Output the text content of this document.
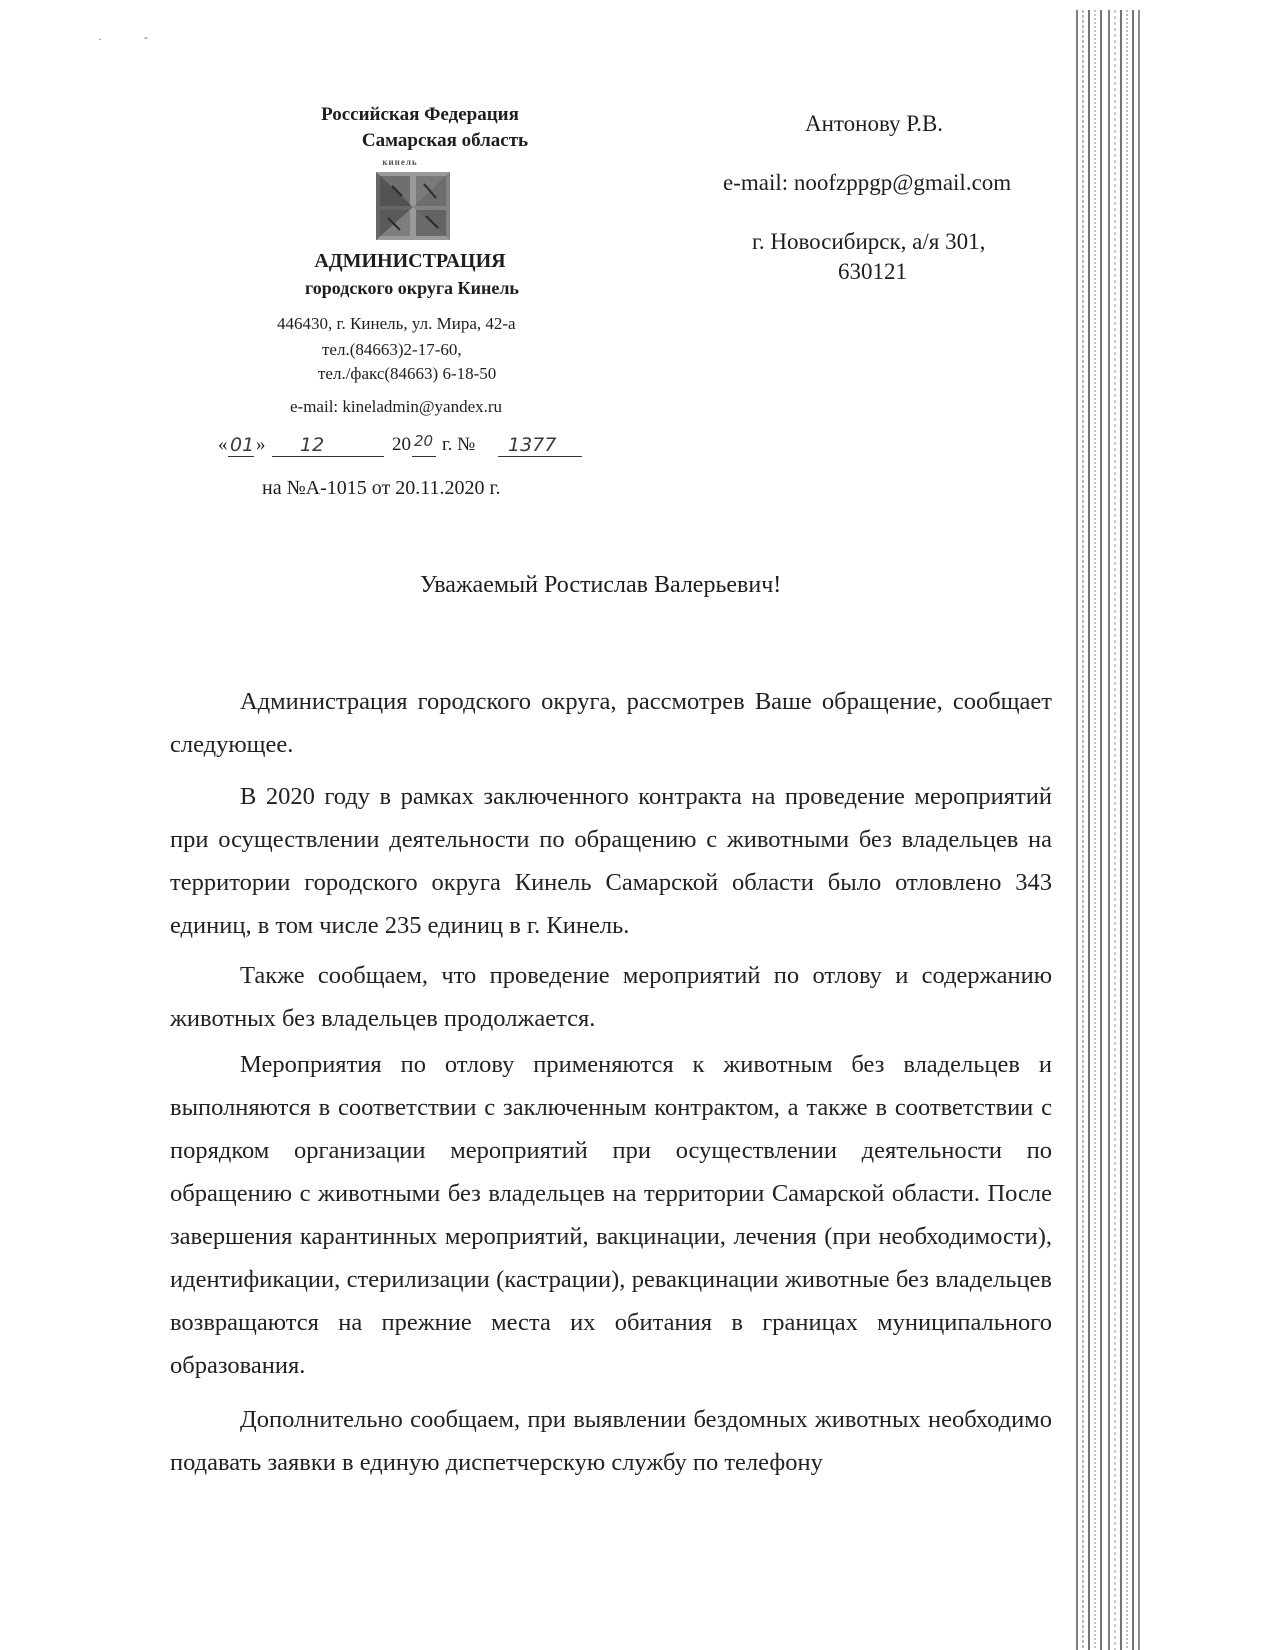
·	-
Российская Федерация
Самарская область
кинель
АДМИНИСТРАЦИЯ
городского округа Кинель
446430, г. Кинель, ул. Мира, 42-а
тел.(84663)2-17-60,
тел./факс(84663) 6-18-50
e-mail: kineladmin@yandex.ru
« 01 » 12	20 20 г. № 1377
на №А-1015 от 20.11.2020 г.
Антонову Р.В.
e-mail: noofzppgp@gmail.com
г. Новосибирск, а/я 301,
630121
Уважаемый Ростислав Валерьевич!

Администрация городского округа, рассмотрев Ваше обращение, сообщает следующее.

В 2020 году в рамках заключенного контракта на проведение мероприятий при осуществлении деятельности по обращению с животными без владельцев на территории городского округа Кинель Самарской области было отловлено 343 единиц, в том числе 235 единиц в г. Кинель.

Также сообщаем, что проведение мероприятий по отлову и содержанию животных без владельцев продолжается.

Мероприятия по отлову применяются к животным без владельцев и выполняются в соответствии с заключенным контрактом, а также в соответствии с порядком организации мероприятий при осуществлении деятельности по обращению с животными без владельцев на территории Самарской области. После завершения карантинных мероприятий, вакцинации, лечения (при необходимости), идентификации, стерилизации (кастрации), ревакцинации животные без владельцев возвращаются на прежние места их обитания в границах муниципального образования.

Дополнительно сообщаем, при выявлении бездомных животных необходимо подавать заявки в единую диспетчерскую службу по телефону
